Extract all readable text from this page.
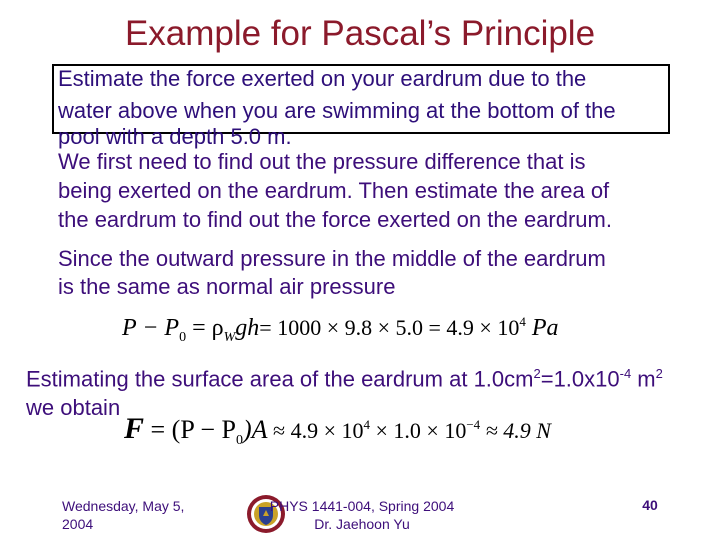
Example for Pascal’s Principle
Estimate the force exerted on your eardrum due to the
water above when you are swimming at the bottom of the
pool with a depth 5.0 m.
We first need to find out the pressure difference that is
being exerted on the eardrum. Then estimate the area of
the eardrum to find out the force exerted on the eardrum.
Since the outward pressure in the middle of the eardrum
is the same as normal air pressure
$P - P_0 = \rho_Wgh= 1000 \times 9.8 \times 5.0 = 4.9 \times 10^4$ Pa
Estimating the surface area of the eardrum at $1.0cm^2=1.0x10^{-4}$ $m^2$
we obtain
$F = (P - P_0)A \approx 4.9 \times 10^4 \times 1.0 \times 10^{-4} \approx 4.9$ N
Wednesday, May 5,
2004
PHYS 1441-004, Spring 2004
Dr. Jaehoon Yu
40
